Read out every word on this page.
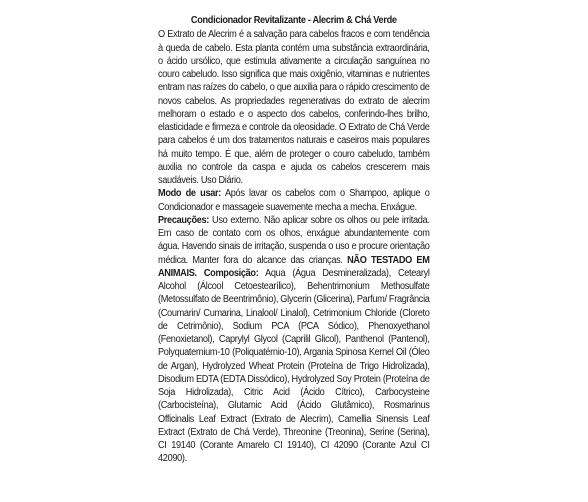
Condicionador Revitalizante - Alecrim & Chá Verde

O Extrato de Alecrim é a salvação para cabelos fracos e com tendência à queda de cabelo. Esta planta contém uma substância extraordinária, o ácido ursólico, que estimula ativamente a circulação sanguínea no couro cabeludo. Isso significa que mais oxigênio, vitaminas e nutrientes entram nas raízes do cabelo, o que auxilia para o rápido crescimento de novos cabelos. As propriedades regenerativas do extrato de alecrim melhoram o estado e o aspecto dos cabelos, conferindo-lhes brilho, elasticidade e firmeza e controle da oleosidade. O Extrato de Chá Verde para cabelos é um dos tratamentos naturais e caseiros mais populares há muito tempo. É que, além de proteger o couro cabeludo, também auxilia no controle da caspa e ajuda os cabelos crescerem mais saudáveis. Uso Diário.

Modo de usar: Após lavar os cabelos com o Shampoo, aplique o Condicionador e massageie suavemente mecha a mecha. Enxágue.

Precauções: Uso externo. Não aplicar sobre os olhos ou pele irritada. Em caso de contato com os olhos, enxágue abundantemente com água. Havendo sinais de irritação, suspenda o uso e procure orientação médica. Manter fora do alcance das crianças. NÃO TESTADO EM ANIMAIS. Composição: Aqua (Água Desmineralizada), Cetearyl Alcohol (Álcool Cetoestearílico), Behentrimonium Methosulfate (Metossulfato de Beentrimônio), Glycerin (Glicerina), Parfum/ Fragrância (Coumarin/ Cumarina, Linalool/ Linalol), Cetrimonium Chloride (Cloreto de Cetrimônio), Sodium PCA (PCA Sódico), Phenoxyethanol (Fenoxietanol), Caprylyl Glycol (Caprilil Glicol), Panthenol (Pantenol), Polyquaternium-10 (Poliquatérnio-10), Argania Spinosa Kernel Oil (Óleo de Argan), Hydrolyzed Wheat Protein (Proteína de Trigo Hidrolizada), Disodium EDTA (EDTA Dissódico), Hydrolyzed Soy Protein (Proteína de Soja Hidrolizada), Citric Acid (Ácido Cítrico), Carbocysteine (Carbocisteína), Glutamic Acid (Ácido Glutâmico), Rosmarinus Officinalis Leaf Extract (Extrato de Alecrim), Camellia Sinensis Leaf Extract (Extrato de Chá Verde), Threonine (Treonina), Serine (Serina), CI 19140 (Corante Amarelo CI 19140), CI 42090 (Corante Azul CI 42090).
